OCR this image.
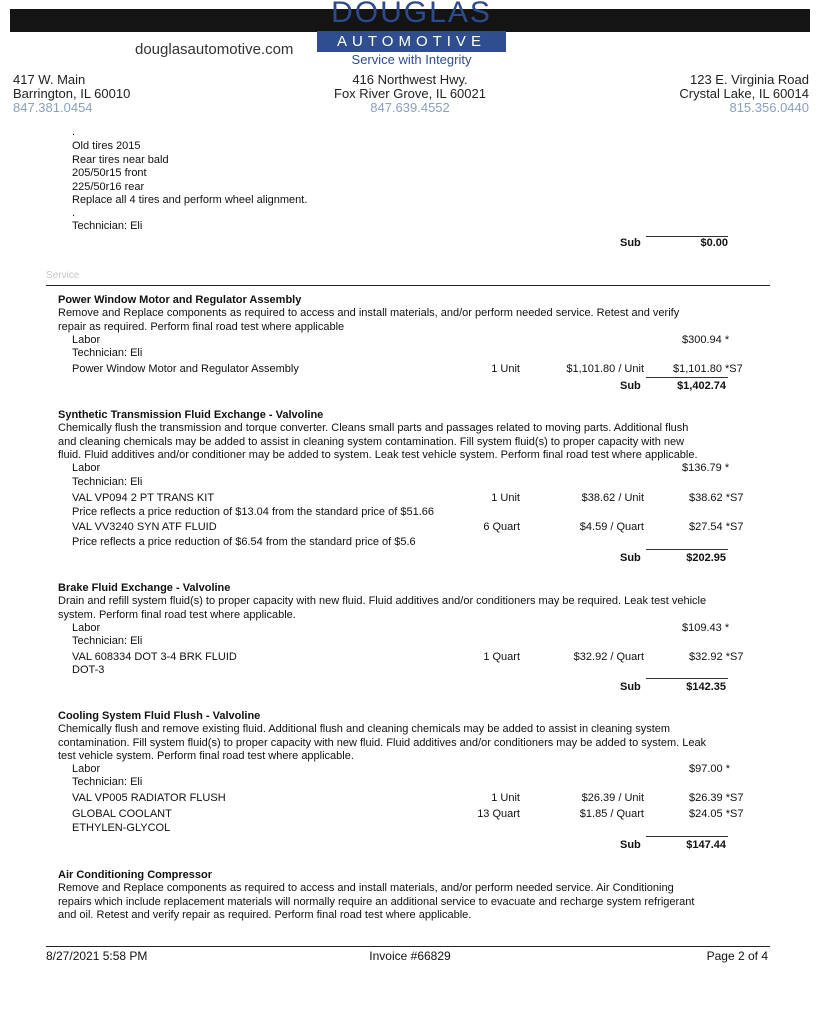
DOUGLAS
AUTOMOTIVE
Service with Integrity
douglasautomotive.com
417 W. Main
Barrington, IL 60010
847.381.0454
416 Northwest Hwy.
Fox River Grove, IL 60021
847.639.4552
123 E. Virginia Road
Crystal Lake, IL 60014
815.356.0440
.
Old tires 2015
Rear tires near bald
205/50r15 front
225/50r16 rear
Replace all 4 tires and perform wheel alignment.
.
Technician: Eli
Sub	$0.00
Service
Power Window Motor and Regulator Assembly
Remove and Replace components as required to access and install materials, and/or perform needed service. Retest and verify
repair as required. Perform final road test where applicable
Labor	$300.94 *
Technician: Eli
Power Window Motor and Regulator Assembly	1 Unit	$1,101.80 / Unit	$1,101.80 *S7
Sub	$1,402.74
Synthetic Transmission Fluid Exchange - Valvoline
Chemically flush the transmission and torque converter. Cleans small parts and passages related to moving parts. Additional flush
and cleaning chemicals may be added to assist in cleaning system contamination. Fill system fluid(s) to proper capacity with new
fluid. Fluid additives and/or conditioner may be added to system. Leak test vehicle system. Perform final road test where applicable.
Labor	$136.79 *
Technician: Eli
VAL VP094 2 PT TRANS KIT	1 Unit	$38.62 / Unit	$38.62 *S7
Price reflects a price reduction of $13.04 from the standard price of $51.66
VAL VV3240 SYN ATF FLUID	6 Quart	$4.59 / Quart	$27.54 *S7
Price reflects a price reduction of $6.54 from the standard price of $5.6
Sub	$202.95
Brake Fluid Exchange - Valvoline
Drain and refill system fluid(s) to proper capacity with new fluid. Fluid additives and/or conditioners may be required. Leak test vehicle
system. Perform final road test where applicable.
Labor	$109.43 *
Technician: Eli
VAL 608334 DOT 3-4 BRK FLUID	1 Quart	$32.92 / Quart	$32.92 *S7
DOT-3
Sub	$142.35
Cooling System Fluid Flush - Valvoline
Chemically flush and remove existing fluid. Additional flush and cleaning chemicals may be added to assist in cleaning system
contamination. Fill system fluid(s) to proper capacity with new fluid. Fluid additives and/or conditioners may be added to system. Leak
test vehicle system. Perform final road test where applicable.
Labor	$97.00 *
Technician: Eli
VAL VP005 RADIATOR FLUSH	1 Unit	$26.39 / Unit	$26.39 *S7
GLOBAL COOLANT	13 Quart	$1.85 / Quart	$24.05 *S7
ETHYLEN-GLYCOL
Sub	$147.44
Air Conditioning Compressor
Remove and Replace components as required to access and install materials, and/or perform needed service. Air Conditioning
repairs which include replacement materials will normally require an additional service to evacuate and recharge system refrigerant
and oil. Retest and verify repair as required. Perform final road test where applicable.
8/27/2021 5:58 PM	Invoice #66829	Page 2 of 4
